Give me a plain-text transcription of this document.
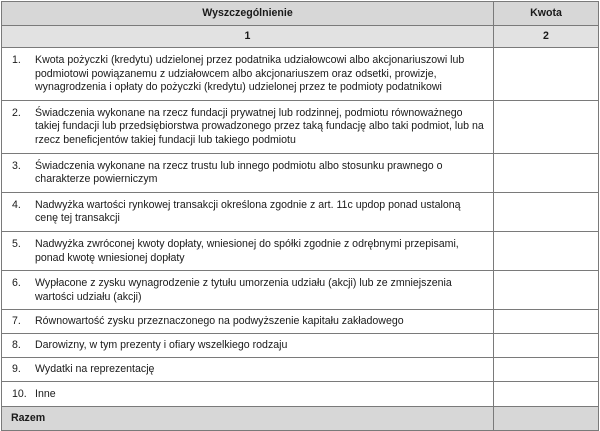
Wyszczególnienie	Kwota
1	2

1. Kwota pożyczki (kredytu) udzielonej przez podatnika udziałowcowi albo akcjonariuszowi lub podmiotowi powiązanemu z udziałowcem albo akcjonariuszem oraz odsetki, prowizje, wynagrodzenia i opłaty do pożyczki (kredytu) udzielonej przez te podmioty podatnikowi	

2. Świadczenia wykonane na rzecz fundacji prywatnej lub rodzinnej, podmiotu równoważnego takiej fundacji lub przedsiębiorstwa prowadzonego przez taką fundację albo taki podmiot, lub na rzecz beneficjentów takiej fundacji lub takiego podmiotu	

3. Świadczenia wykonane na rzecz trustu lub innego podmiotu albo stosunku prawnego o charakterze powierniczym	

4. Nadwyżka wartości rynkowej transakcji określona zgodnie z art. 11c updop ponad ustaloną cenę tej transakcji	

5. Nadwyżka zwróconej kwoty dopłaty, wniesionej do spółki zgodnie z odrębnymi przepisami, ponad kwotę wniesionej dopłaty	

6. Wypłacone z zysku wynagrodzenie z tytułu umorzenia udziału (akcji) lub ze zmniejszenia wartości udziału (akcji)	

7. Równowartość zysku przeznaczonego na podwyższenie kapitału zakładowego	

8. Darowizny, w tym prezenty i ofiary wszelkiego rodzaju	

9. Wydatki na reprezentację	

10. Inne	

Razem	
